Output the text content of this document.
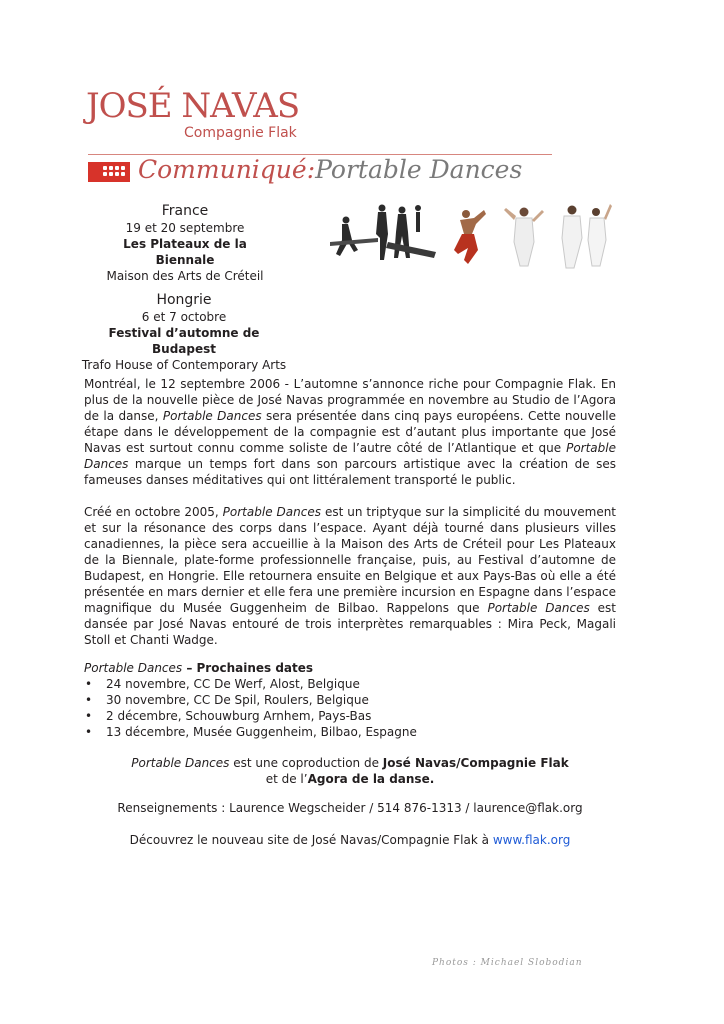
JOSÉ NAVAS
Compagnie Flak
Communiqué:Portable Dances
France
19 et 20 septembre
Les Plateaux de la Biennale
Maison des Arts de Créteil
Hongrie
6 et 7 octobre
Festival d’automne de Budapest
Trafo House of Contemporary Arts
Montréal, le 12 septembre 2006 - L’automne s’annonce riche pour Compagnie Flak. En plus de la nouvelle pièce de José Navas programmée en novembre au Studio de l’Agora de la danse, Portable Dances sera présentée dans cinq pays européens. Cette nouvelle étape dans le développement de la compagnie est d’autant plus importante que José Navas est surtout connu comme soliste de l’autre côté de l’Atlantique et que Portable Dances marque un temps fort dans son parcours artistique avec la création de ses fameuses danses méditatives qui ont littéralement transporté le public.
Créé en octobre 2005, Portable Dances est un triptyque sur la simplicité du mouvement et sur la résonance des corps dans l’espace. Ayant déjà tourné dans plusieurs villes canadiennes, la pièce sera accueillie à la Maison des Arts de Créteil pour Les Plateaux de la Biennale, plate-forme professionnelle française, puis, au Festival d’automne de Budapest, en Hongrie. Elle retournera ensuite en Belgique et aux Pays-Bas où elle a été présentée en mars dernier et elle fera une première incursion en Espagne dans l’espace magnifique du Musée Guggenheim de Bilbao. Rappelons que Portable Dances est dansée par José Navas entouré de trois interprètes remarquables : Mira Peck, Magali Stoll et Chanti Wadge.
Portable Dances – Prochaines dates
• 24 novembre, CC De Werf, Alost, Belgique
• 30 novembre, CC De Spil, Roulers, Belgique
• 2 décembre, Schouwburg Arnhem, Pays-Bas
• 13 décembre, Musée Guggenheim, Bilbao, Espagne
Portable Dances est une coproduction de José Navas/Compagnie Flak
et de l’Agora de la danse.
Renseignements : Laurence Wegscheider / 514 876-1313 / laurence@flak.org
Découvrez le nouveau site de José Navas/Compagnie Flak à www.flak.org
Photos : Michael Slobodian
